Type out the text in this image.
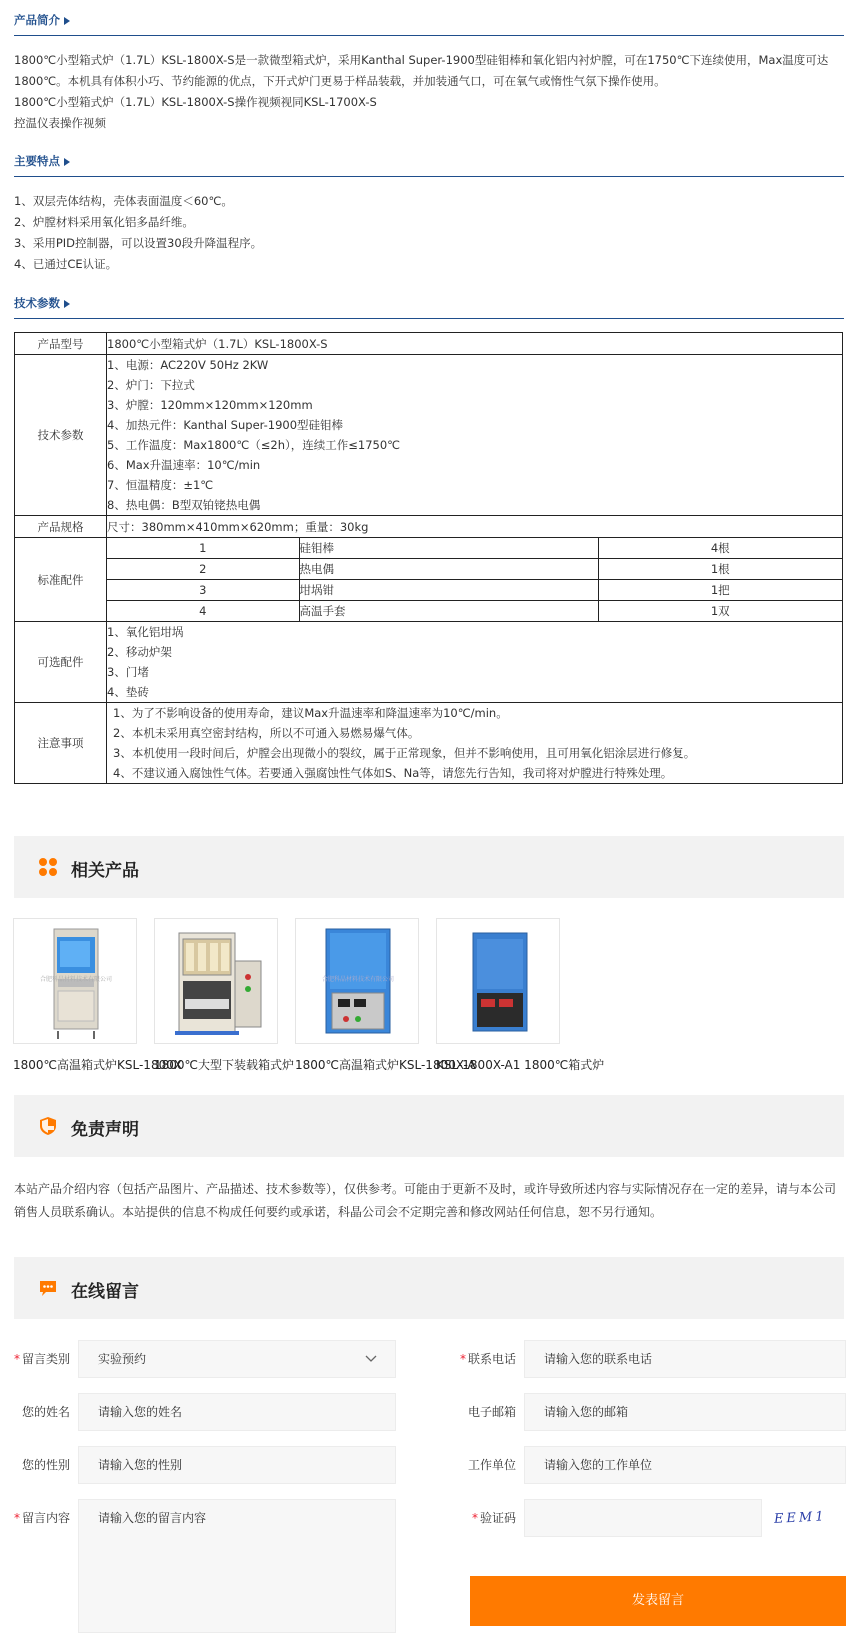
产品简介
1800℃小型箱式炉（1.7L）KSL-1800X-S是一款微型箱式炉，采用Kanthal Super-1900型硅钼棒和氧化铝内衬炉膛，可在1750℃下连续使用，Max温度可达1800℃。本机具有体积小巧、节约能源的优点，下开式炉门更易于样品装载，并加装通气口，可在氧气或惰性气氛下操作使用。
1800℃小型箱式炉（1.7L）KSL-1800X-S操作视频视同KSL-1700X-S
控温仪表操作视频
主要特点
1、双层壳体结构，壳体表面温度＜60℃。
2、炉膛材料采用氧化铝多晶纤维。
3、采用PID控制器，可以设置30段升降温程序。
4、已通过CE认证。
技术参数
产品型号	1800℃小型箱式炉（1.7L）KSL-1800X-S
技术参数	
1、电源：AC220V 50Hz 2KW
2、炉门：下拉式
3、炉膛：120mm×120mm×120mm
4、加热元件：Kanthal Super-1900型硅钼棒
5、工作温度：Max1800℃（≤2h），连续工作≤1750℃
6、Max升温速率：10℃/min
7、恒温精度：±1℃
8、热电偶：B型双铂铑热电偶

产品规格	尺寸：380mm×410mm×620mm；重量：30kg
标准配件	
1	硅钼棒	4根
2	热电偶	1根
3	坩埚钳	1把
4	高温手套	1双

可选配件	
1、氧化铝坩埚
2、移动炉架
3、门堵
4、垫砖

注意事项	
1、为了不影响设备的使用寿命，建议Max升温速率和降温速率为10℃/min。
2、本机未采用真空密封结构，所以不可通入易燃易爆气体。
3、本机使用一段时间后，炉膛会出现微小的裂纹，属于正常现象，但并不影响使用，且可用氧化铝涂层进行修复。
4、不建议通入腐蚀性气体。若要通入强腐蚀性气体如S、Na等，请您先行告知，我司将对炉膛进行特殊处理。
相关产品
合肥科晶材料技术有限公司
1800℃高温箱式炉KSL-1800X
1800℃大型下装载箱式炉
合肥科晶材料技术有限公司
1800℃高温箱式炉KSL-1800X-A
KSL-1800X-A1 1800℃箱式炉
免责声明
本站产品介绍内容（包括产品图片、产品描述、技术参数等），仅供参考。可能由于更新不及时，或许导致所述内容与实际情况存在一定的差异，请与本公司销售人员联系确认。本站提供的信息不构成任何要约或承诺，科晶公司会不定期完善和修改网站任何信息，恕不另行通知。
在线留言
* 留言类别	实验预约
您的姓名	请输入您的姓名
您的性别	请输入您的性别
* 留言内容	请输入您的留言内容
* 联系电话	请输入您的联系电话
电子邮箱	请输入您的邮箱
工作单位	请输入您的工作单位
* 验证码	EEM1
发表留言
